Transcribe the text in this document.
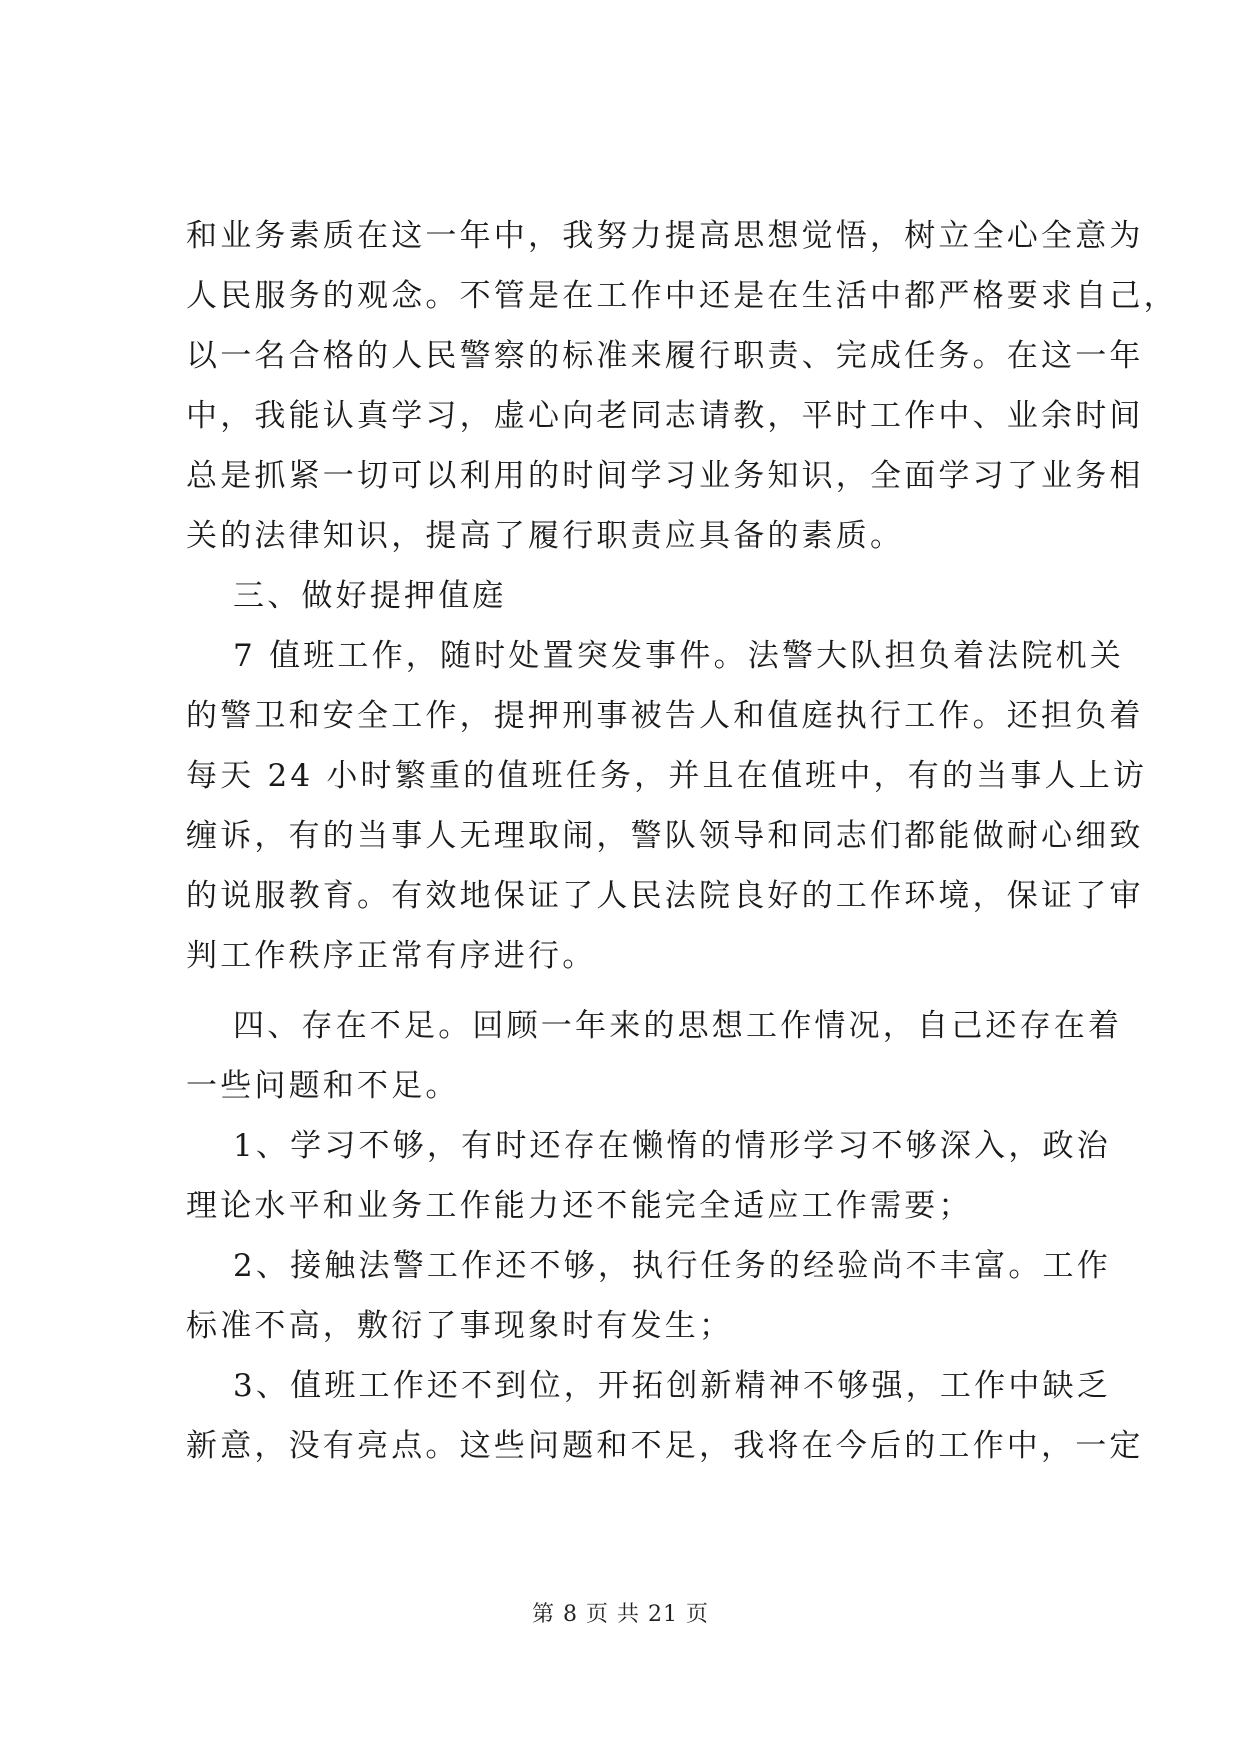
和业务素质在这一年中，我努力提高思想觉悟，树立全心全意为
人民服务的观念。不管是在工作中还是在生活中都严格要求自己，
以一名合格的人民警察的标准来履行职责、完成任务。在这一年
中，我能认真学习，虚心向老同志请教，平时工作中、业余时间
总是抓紧一切可以利用的时间学习业务知识，全面学习了业务相
关的法律知识，提高了履行职责应具备的素质。
三、做好提押值庭
7 值班工作，随时处置突发事件。法警大队担负着法院机关
的警卫和安全工作，提押刑事被告人和值庭执行工作。还担负着
每天 24 小时繁重的值班任务，并且在值班中，有的当事人上访
缠诉，有的当事人无理取闹，警队领导和同志们都能做耐心细致
的说服教育。有效地保证了人民法院良好的工作环境，保证了审
判工作秩序正常有序进行。
四、存在不足。回顾一年来的思想工作情况，自己还存在着
一些问题和不足。
1、学习不够，有时还存在懒惰的情形学习不够深入，政治
理论水平和业务工作能力还不能完全适应工作需要；
2、接触法警工作还不够，执行任务的经验尚不丰富。工作
标准不高，敷衍了事现象时有发生；
3、值班工作还不到位，开拓创新精神不够强，工作中缺乏
新意，没有亮点。这些问题和不足，我将在今后的工作中，一定
第 8 页 共 21 页
